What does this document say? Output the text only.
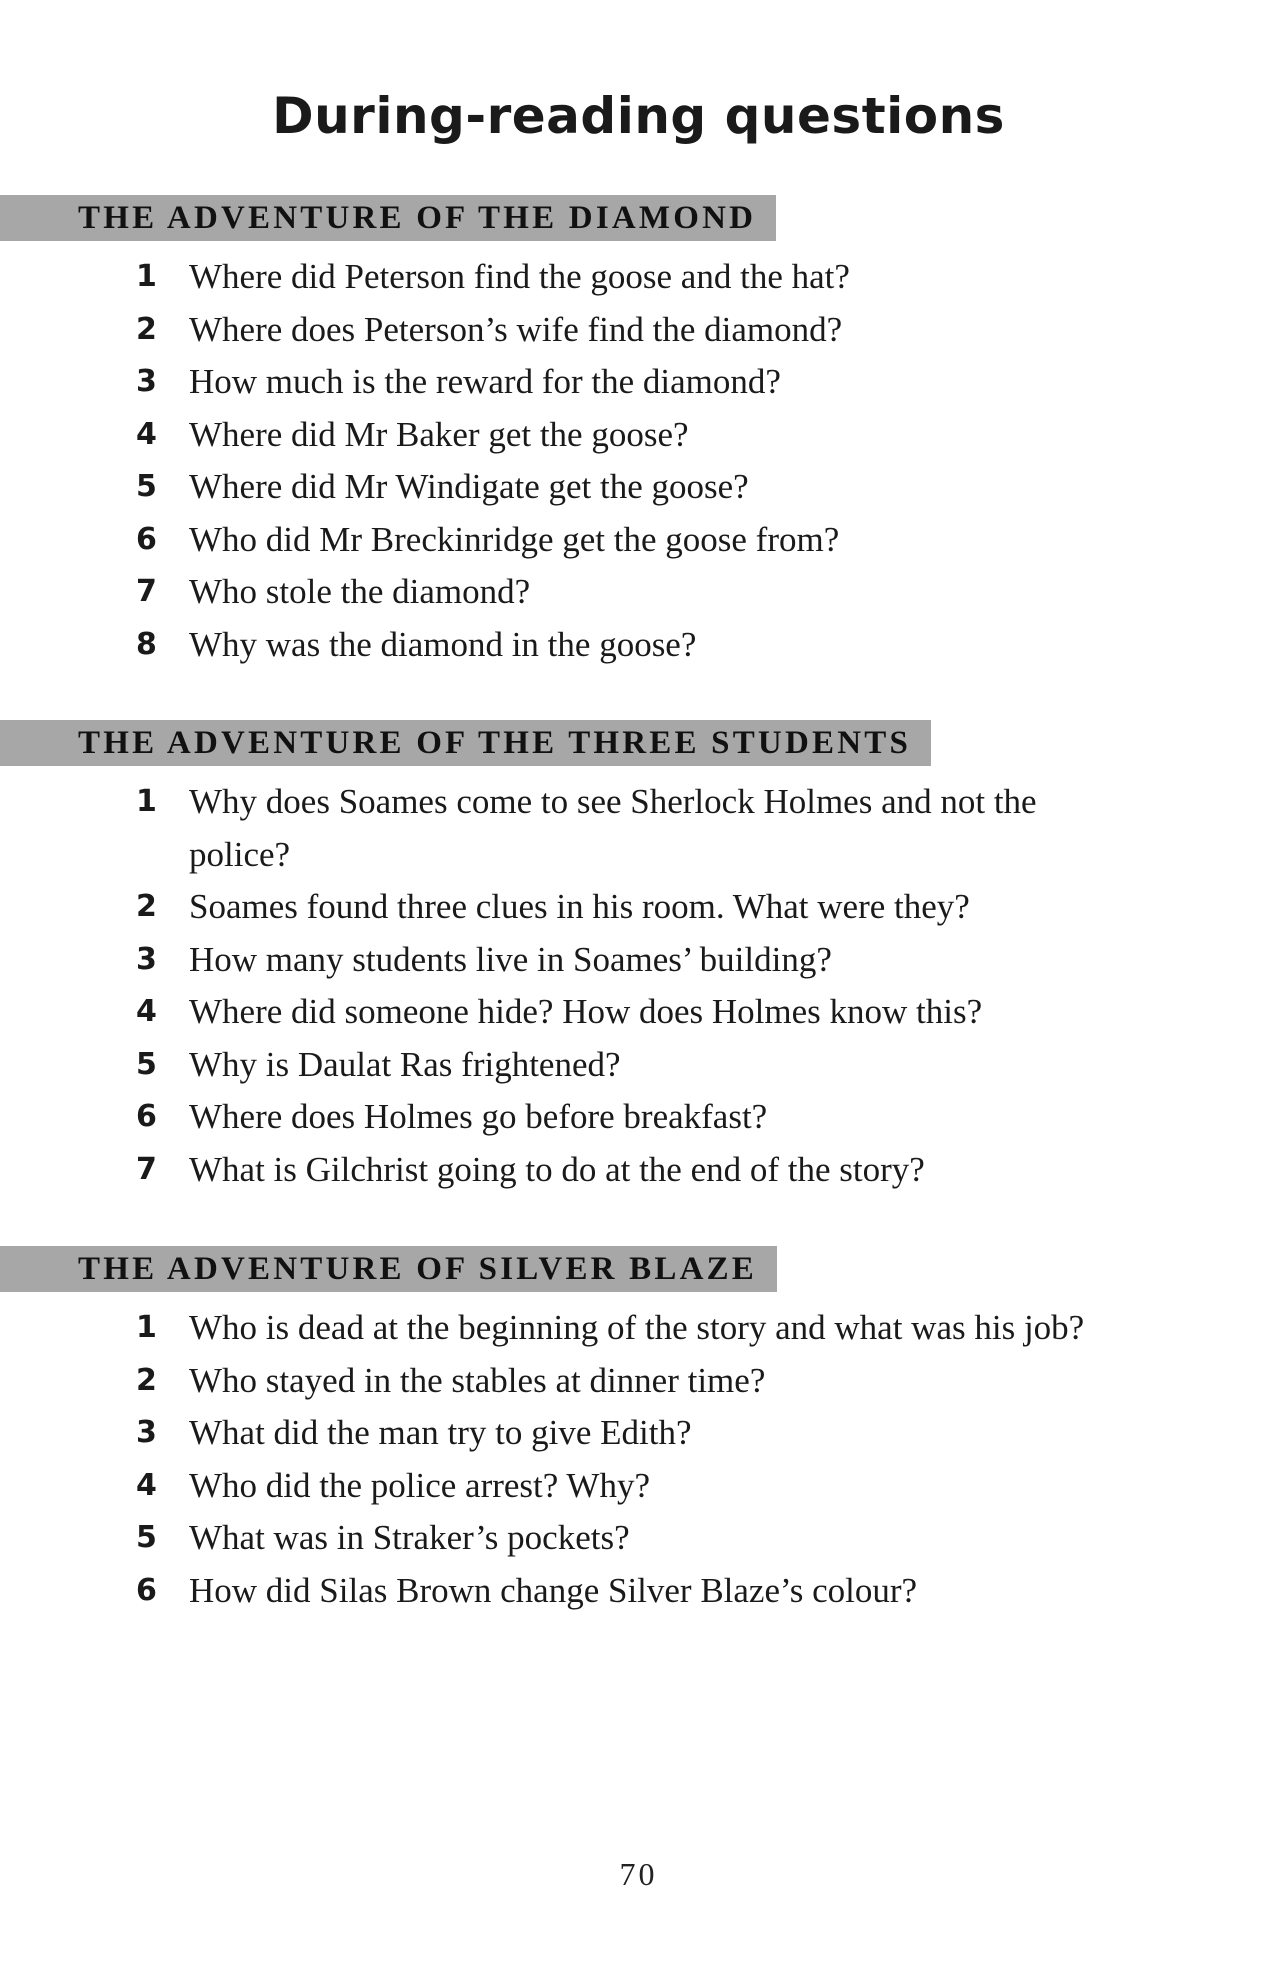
During-reading questions
THE ADVENTURE OF THE DIAMOND
1 Where did Peterson find the goose and the hat?
2 Where does Peterson’s wife find the diamond?
3 How much is the reward for the diamond?
4 Where did Mr Baker get the goose?
5 Where did Mr Windigate get the goose?
6 Who did Mr Breckinridge get the goose from?
7 Who stole the diamond?
8 Why was the diamond in the goose?
THE ADVENTURE OF THE THREE STUDENTS
1 Why does Soames come to see Sherlock Holmes and not the police?
2 Soames found three clues in his room. What were they?
3 How many students live in Soames’ building?
4 Where did someone hide? How does Holmes know this?
5 Why is Daulat Ras frightened?
6 Where does Holmes go before breakfast?
7 What is Gilchrist going to do at the end of the story?
THE ADVENTURE OF SILVER BLAZE
1 Who is dead at the beginning of the story and what was his job?
2 Who stayed in the stables at dinner time?
3 What did the man try to give Edith?
4 Who did the police arrest? Why?
5 What was in Straker’s pockets?
6 How did Silas Brown change Silver Blaze’s colour?
70
